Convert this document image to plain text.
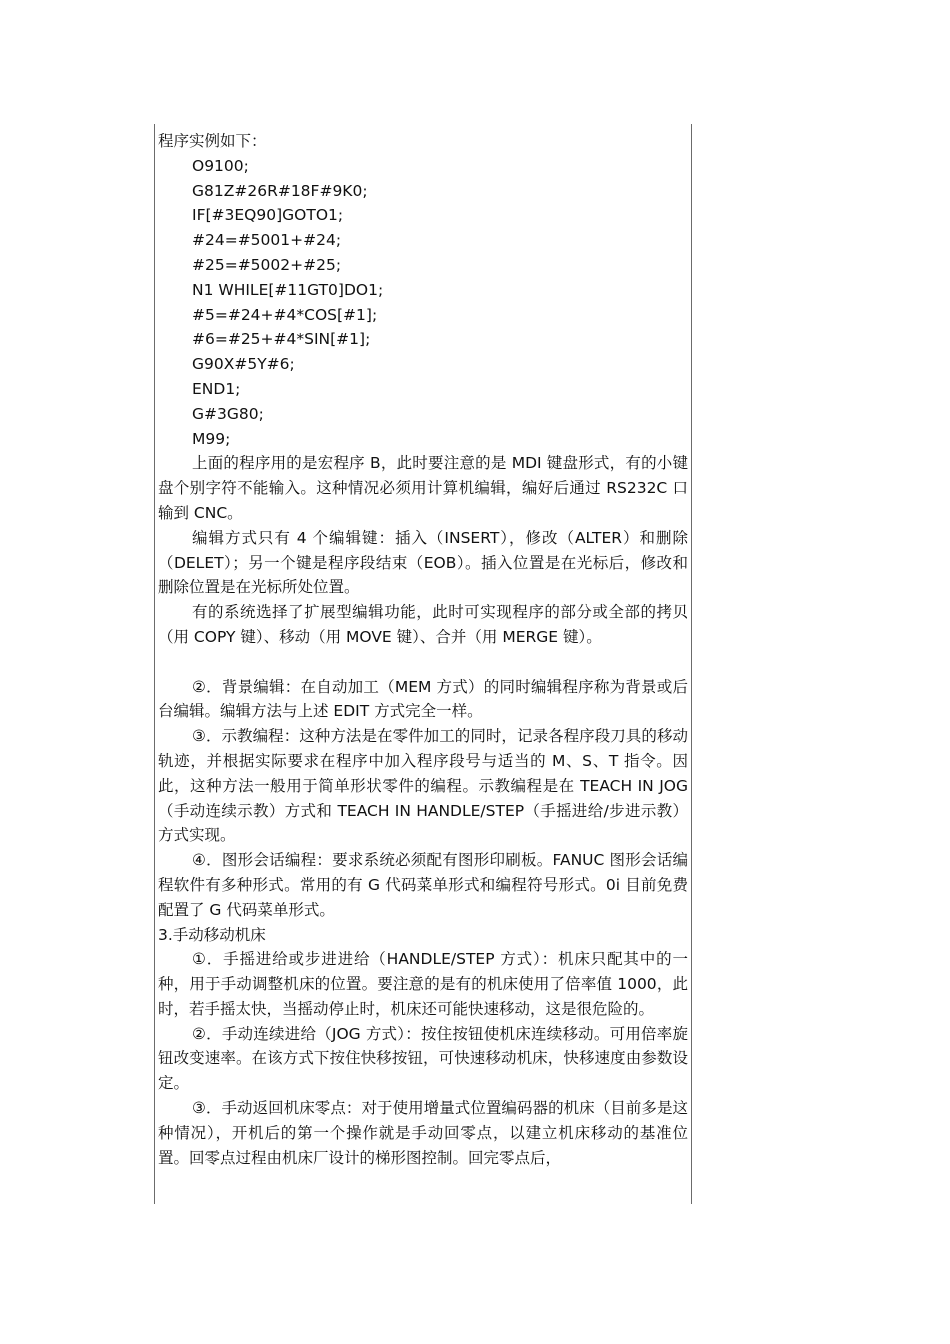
程序实例如下：
O9100;
G81Z#26R#18F#9K0;
IF[#3EQ90]GOTO1;
#24=#5001+#24;
#25=#5002+#25;
N1 WHILE[#11GT0]DO1;
#5=#24+#4*COS[#1];
#6=#25+#4*SIN[#1];
G90X#5Y#6;
END1;
G#3G80;
M99;

上面的程序用的是宏程序 B，此时要注意的是 MDI 键盘形式，有的小键盘个别字符不能输入。这种情况必须用计算机编辑，编好后通过 RS232C 口输到 CNC。

编辑方式只有 4 个编辑键：插入（INSERT），修改（ALTER）和删除（DELET）；另一个键是程序段结束（EOB）。插入位置是在光标后，修改和删除位置是在光标所处位置。

有的系统选择了扩展型编辑功能，此时可实现程序的部分或全部的拷贝（用 COPY 键）、移动（用 MOVE 键）、合并（用 MERGE 键）。

②．背景编辑：在自动加工（MEM 方式）的同时编辑程序称为背景或后台编辑。编辑方法与上述 EDIT 方式完全一样。

③．示教编程：这种方法是在零件加工的同时，记录各程序段刀具的移动轨迹，并根据实际要求在程序中加入程序段号与适当的 M、S、T 指令。因此，这种方法一般用于简单形状零件的编程。示教编程是在 TEACH IN JOG（手动连续示教）方式和 TEACH IN HANDLE/STEP（手摇进给/步进示教）方式实现。

④．图形会话编程：要求系统必须配有图形印刷板。FANUC 图形会话编程软件有多种形式。常用的有 G 代码菜单形式和编程符号形式。0i 目前免费配置了 G 代码菜单形式。

3.手动移动机床

①．手摇进给或步进进给（HANDLE/STEP 方式）：机床只配其中的一种，用于手动调整机床的位置。要注意的是有的机床使用了倍率值 1000，此时，若手摇太快，当摇动停止时，机床还可能快速移动，这是很危险的。

②．手动连续进给（JOG 方式）：按住按钮使机床连续移动。可用倍率旋钮改变速率。在该方式下按住快移按钮，可快速移动机床，快移速度由参数设定。

③．手动返回机床零点：对于使用增量式位置编码器的机床（目前多是这种情况），开机后的第一个操作就是手动回零点，以建立机床移动的基准位置。回零点过程由机床厂设计的梯形图控制。回完零点后，
